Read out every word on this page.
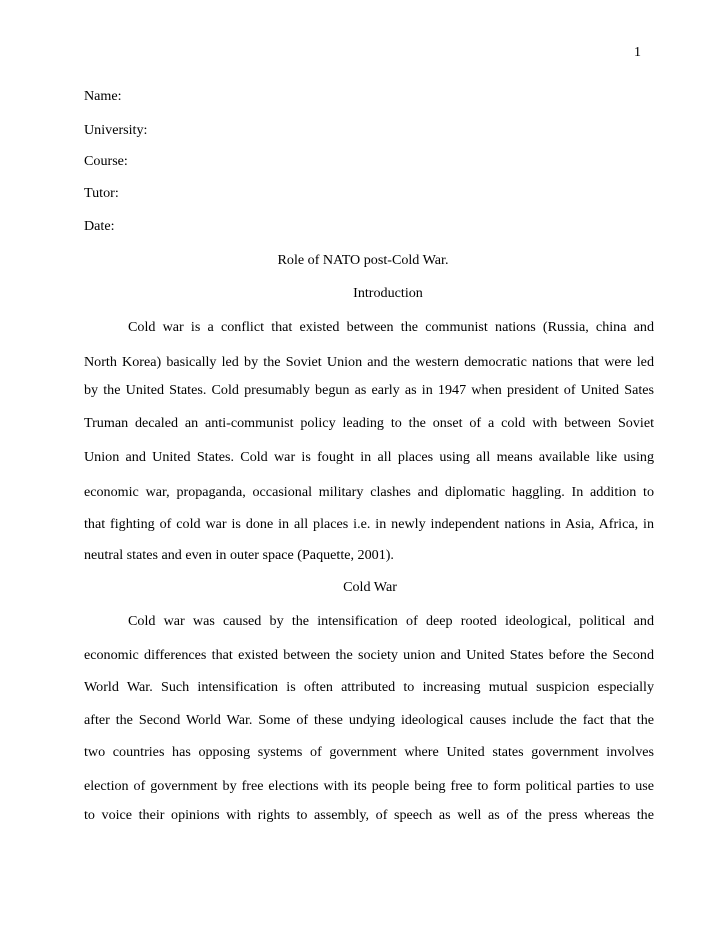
1
Name:
University:
Course:
Tutor:
Date:
Role of NATO post-Cold War.
Introduction
Cold war is a conflict that existed between the communist nations (Russia, china and
North Korea) basically led by the Soviet Union and the western democratic nations that were led
by the United States. Cold presumably begun as early as in 1947 when president of United Sates
Truman decaled an anti-communist policy leading to the onset of a cold with between Soviet
Union and United States. Cold war is fought in all places using all means available like using
economic war, propaganda, occasional military clashes and diplomatic haggling. In addition to
that fighting of cold war is done in all places i.e. in newly independent nations in Asia, Africa, in
neutral states and even in outer space (Paquette, 2001).
Cold War
Cold war was caused by the intensification of deep rooted ideological, political and
economic differences that existed between the society union and United States before the Second
World War. Such intensification is often attributed to increasing mutual suspicion especially
after the Second World War. Some of these undying ideological causes include the fact that the
two countries has opposing systems of government where United states government involves
election of government by free elections with its people being free to form political parties to use
to voice their opinions with rights to assembly, of speech as well as of the press whereas the
